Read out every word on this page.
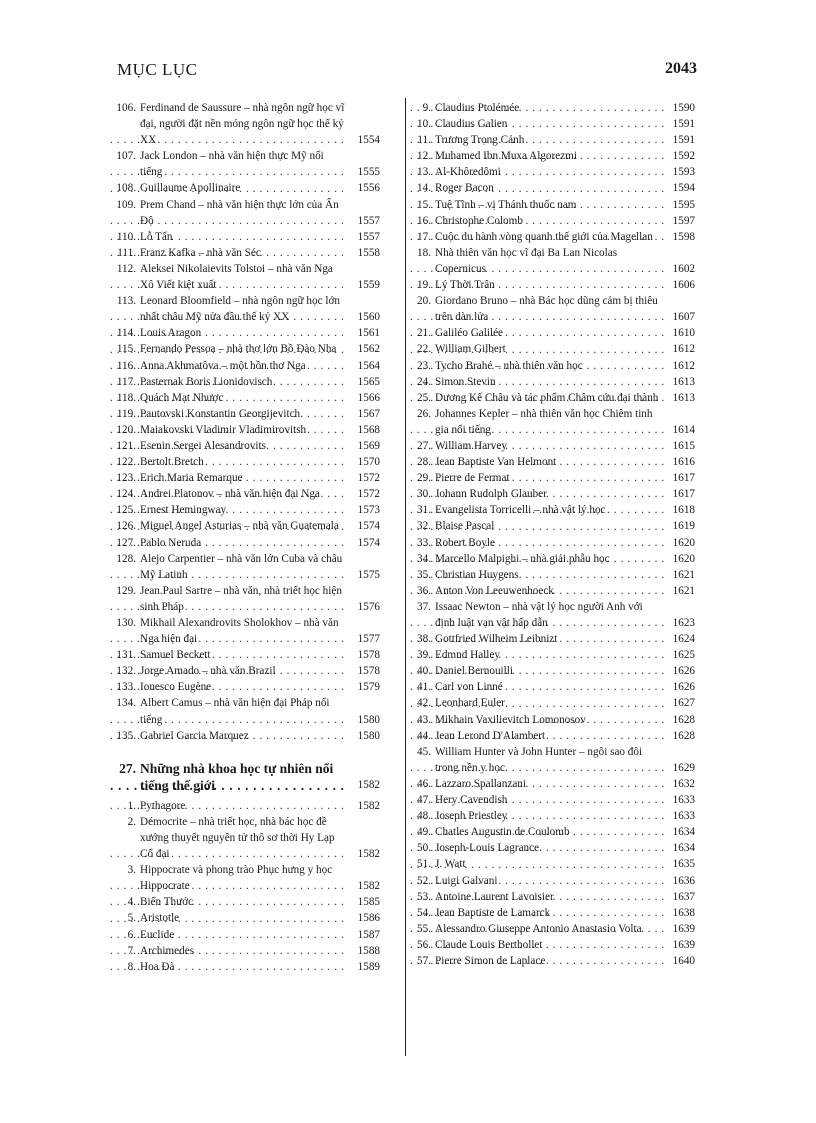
MỤC LỤC	2043
106. Ferdinand de Saussure – nhà ngôn ngữ học vĩ đại, người đặt nền móng ngôn ngữ học thế kỷ XX . . .	1554
107. Jack London – nhà văn hiện thực Mỹ nổi tiếng . . .	1555
108. Guillaume Apollinaire . . .	1556
109. Prem Chand – nhà văn hiện thực lớn của Ấn Độ . . .	1557
110. Lỗ Tấn . . .	1557
111. Franz Kafka – nhà văn Séc . . .	1558
112. Aleksei Nikolaievits Tolstoi – nhà văn Nga Xô Viết kiệt xuất . . .	1559
113. Leonard Bloomfield – nhà ngôn ngữ học lớn nhất châu Mỹ nửa đầu thế kỷ XX . . .	1560
114. Louis Aragon . . .	1561
115. Fernando Pessoa – nhà thơ lớn Bồ Đào Nha . . .	1562
116. Anna Akhmatôva – một hồn thơ Nga . . .	1564
117. Pasternak Boris Lionidovisch . . .	1565
118. Quách Mạt Nhược . . .	1566
119. Pautovski Konstantin Georgijevitch . . .	1567
120. Maiakovski Vladimir Vladimirovitsh . . .	1568
121. Esenin Sergei Alesandrovits . . .	1569
122. Bertolt Bretch . . .	1570
123. Erich Maria Remarque . . .	1572
124. Andrei Platonov – nhà văn hiện đại Nga . . .	1572
125. Ernest Hemingway . . .	1573
126. Miguel Angel Asturias – nhà văn Guatemala . . .	1574
127. Pablo Neruda . . .	1574
128. Alejo Carpentier – nhà văn lớn Cuba và châu Mỹ Latinh . . .	1575
129. Jean.Paul Sartre – nhà văn, nhà triết học hiện sinh Pháp . . .	1576
130. Mikhail Alexandrovits Sholokhov – nhà văn Nga hiện đại . . .	1577
131. Samuel Beckett . . .	1578
132. Jorge Amado – nhà văn Brazil . . .	1578
133. Ionesco Eugène . . .	1579
134. Albert Camus – nhà văn hiện đại Pháp nổi tiếng . . .	1580
135. Gabriel Garcia Marquez . . .	1580
27. Những nhà khoa học tự nhiên nổi tiếng thế giới . . .	1582
1. Pythagore . . .	1582
2. Démocrite – nhà triết học, nhà bác học đề xướng thuyết nguyên tử thô sơ thời Hy Lạp Cổ đại . . .	1582
3. Hippocrate và phong trào Phục hưng y học Hippocrate . . .	1582
4. Biển Thước . . .	1585
5. Aristotle . . .	1586
6. Euclide . . .	1587
7. Archimedes . . .	1588
8. Hoa Đà . . .	1589
9. Claudius Ptolémée . . .	1590
10. Claudius Galien . . .	1591
11. Trương Trọng Cảnh . . .	1591
12. Muhamed Ibn Muxa Algorezmi . . .	1592
13. Al-Khôredômi . . .	1593
14. Roger Bacon . . .	1594
15. Tuệ Tĩnh – vị Thánh thuốc nam . . .	1595
16. Christophe Colomb . . .	1597
17. Cuộc du hành vòng quanh thế giới của Magellan . . .	1598
18. Nhà thiên văn học vĩ đại Ba Lan Nicolas Copernicus . . .	1602
19. Lý Thời Trân . . .	1606
20. Giordano Bruno – nhà Bác học dũng cảm bị thiêu trên dàn lửa . . .	1607
21. Galiléo Galilée . . .	1610
22. William Gilbert . . .	1612
23. Tycho Brahé – nhà thiên văn học . . .	1612
24. Simon Stevin . . .	1613
25. Dương Kế Châu và tác phẩm Châm cứu đại thành . . .	1613
26. Johannes Kepler – nhà thiên văn học Chiêm tinh gia nổi tiếng . . .	1614
27. William Harvey . . .	1615
28. Jean Baptiste Van Helmont . . .	1616
29. Pierre de Fermat . . .	1617
30. Johann Rudolph Glauber . . .	1617
31. Evangelista Torricelli – nhà vật lý học . . .	1618
32. Blaise Pascal . . .	1619
33. Robert Boyle . . .	1620
34. Marcello Malpighi – nhà giải phẫu học . . .	1620
35. Christian Huygens . . .	1621
36. Anton Von Leeuwenhoeck . . .	1621
37. Issaac Newton – nhà vật lý học người Anh với định luật vạn vật hấp dẫn . . .	1623
38. Gottfried Wilheim Leibnizt . . .	1624
39. Edmnd Halley . . .	1625
40. Daniel Bernouilli . . .	1626
41. Carl von Linné . . .	1626
42. Leonhard Euler . . .	1627
43. Mikhain Vaxilievitch Lomonosov . . .	1628
44. Jean Lerond D'Alambert . . .	1628
45. William Hunter và John Hunter – ngôi sao đôi trong nền y học . . .	1629
46. Lazzaro Spallanzani . . .	1632
47. Hery Cavendish . . .	1633
48. Joseph Priestley . . .	1633
49. Chatles Augustin de Coulomb . . .	1634
50. Joseph-Louis Lagrance . . .	1634
51. J. Watt . . .	1635
52. Luigi Galvani . . .	1636
53. Antoine Laurent Lavoisier . . .	1637
54. Jean Baptiste de Lamarck . . .	1638
55. Alessandro Giuseppe Antonio Anastasio Volta . . .	1639
56. Claude Louis Berthollet . . .	1639
57. Pierre Simon de Laplace . . .	1640
